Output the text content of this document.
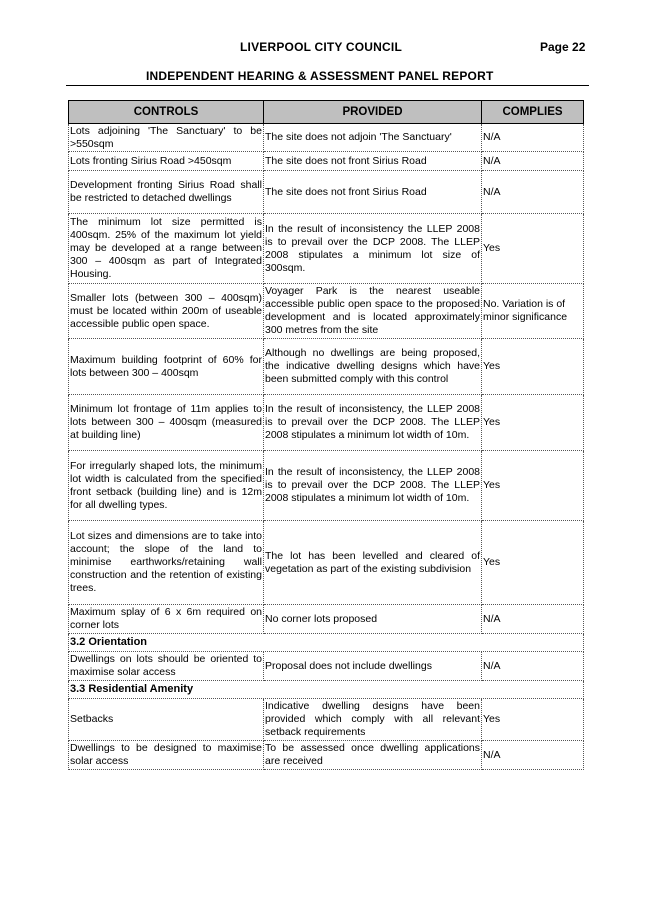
LIVERPOOL CITY COUNCIL	Page 22
INDEPENDENT HEARING & ASSESSMENT PANEL REPORT
CONTROLS	PROVIDED	COMPLIES
Lots adjoining 'The Sanctuary' to be >550sqm	The site does not adjoin 'The Sanctuary'	N/A
Lots fronting Sirius Road >450sqm	The site does not front Sirius Road	N/A
Development fronting Sirius Road shall be restricted to detached dwellings	The site does not front Sirius Road	N/A
The minimum lot size permitted is 400sqm. 25% of the maximum lot yield may be developed at a range between 300 – 400sqm as part of Integrated Housing.	In the result of inconsistency the LLEP 2008 is to prevail over the DCP 2008. The LLEP 2008 stipulates a minimum lot size of 300sqm.	Yes
Smaller lots (between 300 – 400sqm) must be located within 200m of useable accessible public open space.	Voyager Park is the nearest useable accessible public open space to the proposed development and is located approximately 300 metres from the site	No. Variation is of minor significance
Maximum building footprint of 60% for lots between 300 – 400sqm	Although no dwellings are being proposed, the indicative dwelling designs which have been submitted comply with this control	Yes
Minimum lot frontage of 11m applies to lots between 300 – 400sqm (measured at building line)	In the result of inconsistency, the LLEP 2008 is to prevail over the DCP 2008. The LLEP 2008 stipulates a minimum lot width of 10m.	Yes
For irregularly shaped lots, the minimum lot width is calculated from the specified front setback (building line) and is 12m for all dwelling types.	In the result of inconsistency, the LLEP 2008 is to prevail over the DCP 2008. The LLEP 2008 stipulates a minimum lot width of 10m.	Yes
Lot sizes and dimensions are to take into account; the slope of the land to minimise earthworks/retaining wall construction and the retention of existing trees.	The lot has been levelled and cleared of vegetation as part of the existing subdivision	Yes
Maximum splay of 6 x 6m required on corner lots	No corner lots proposed	N/A
3.2 Orientation		
Dwellings on lots should be oriented to maximise solar access	Proposal does not include dwellings	N/A
3.3 Residential Amenity		
Setbacks	Indicative dwelling designs have been provided which comply with all relevant setback requirements	Yes
Dwellings to be designed to maximise solar access	To be assessed once dwelling applications are received	N/A
